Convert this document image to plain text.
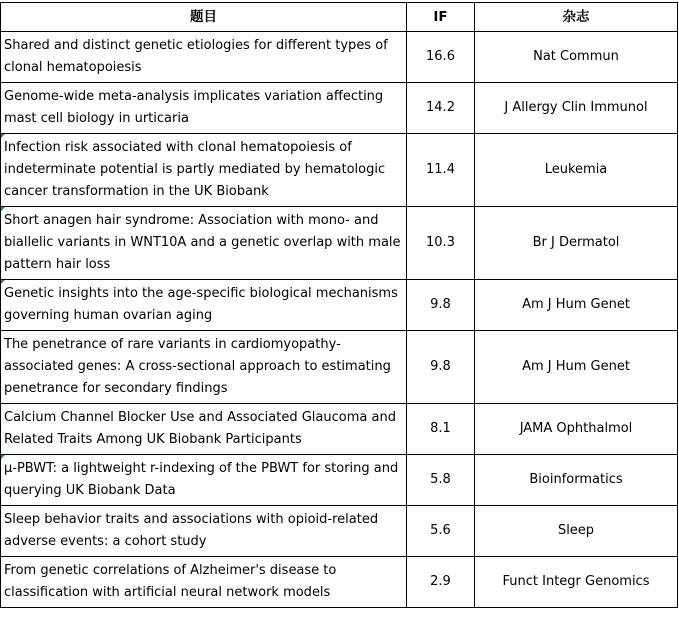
题目	IF	杂志
Shared and distinct genetic etiologies for different types of clonal hematopoiesis	16.6	Nat Commun
Genome-wide meta-analysis implicates variation affecting mast cell biology in urticaria	14.2	J Allergy Clin Immunol

Infection risk associated with clonal hematopoiesis of indeterminate potential is partly mediated by hematologic cancer transformation in the UK Biobank	11.4	Leukemia

Short anagen hair syndrome: Association with mono- and biallelic variants in WNT10A and a genetic overlap with male pattern hair loss	10.3	Br J Dermatol

Genetic insights into the age-specific biological mechanisms governing human ovarian aging	9.8	Am J Hum Genet
The penetrance of rare variants in cardiomyopathy-associated genes: A cross-sectional approach to estimating penetrance for secondary findings	9.8	Am J Hum Genet
Calcium Channel Blocker Use and Associated Glaucoma and Related Traits Among UK Biobank Participants	8.1	JAMA Ophthalmol

μ-PBWT: a lightweight r-indexing of the PBWT for storing and querying UK Biobank Data	5.8	Bioinformatics
Sleep behavior traits and associations with opioid-related adverse events: a cohort study	5.6	Sleep
From genetic correlations of Alzheimer's disease to classification with artificial neural network models	2.9	Funct Integr Genomics
